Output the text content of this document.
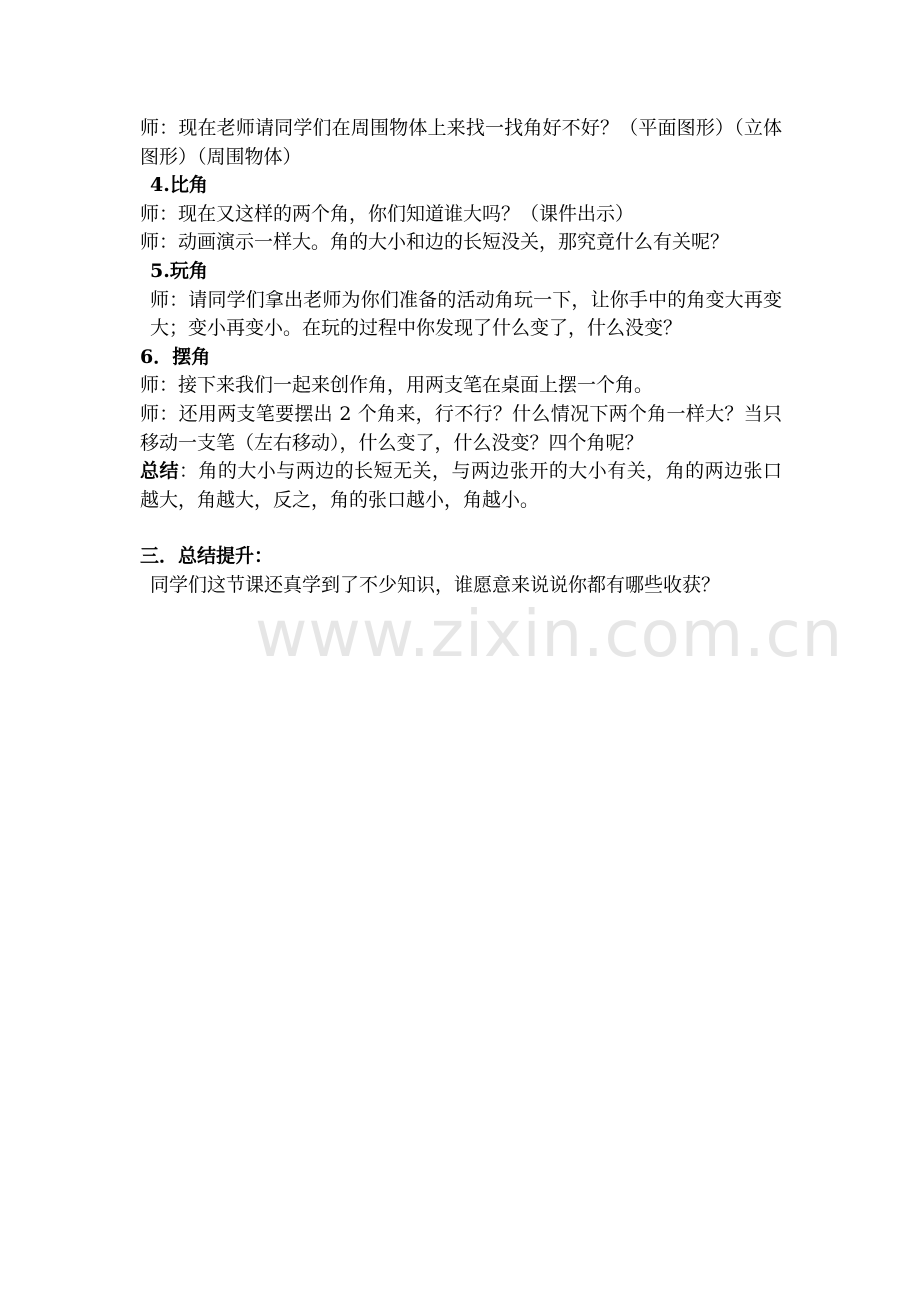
www.zixin.com.cn

师：现在老师请同学们在周围物体上来找一找角好不好？（平面图形）（立体图形）（周围物体）

4.比角

师：现在又这样的两个角，你们知道谁大吗？（课件出示）

师：动画演示一样大。角的大小和边的长短没关，那究竟什么有关呢？

5.玩角

师：请同学们拿出老师为你们准备的活动角玩一下，让你手中的角变大再变大；变小再变小。在玩的过程中你发现了什么变了，什么没变？

6．摆角

师：接下来我们一起来创作角，用两支笔在桌面上摆一个角。

师：还用两支笔要摆出 2 个角来，行不行？什么情况下两个角一样大？当只移动一支笔（左右移动），什么变了，什么没变？四个角呢？

总结：角的大小与两边的长短无关，与两边张开的大小有关，角的两边张口越大，角越大，反之，角的张口越小，角越小。

三．总结提升：

同学们这节课还真学到了不少知识，谁愿意来说说你都有哪些收获？
